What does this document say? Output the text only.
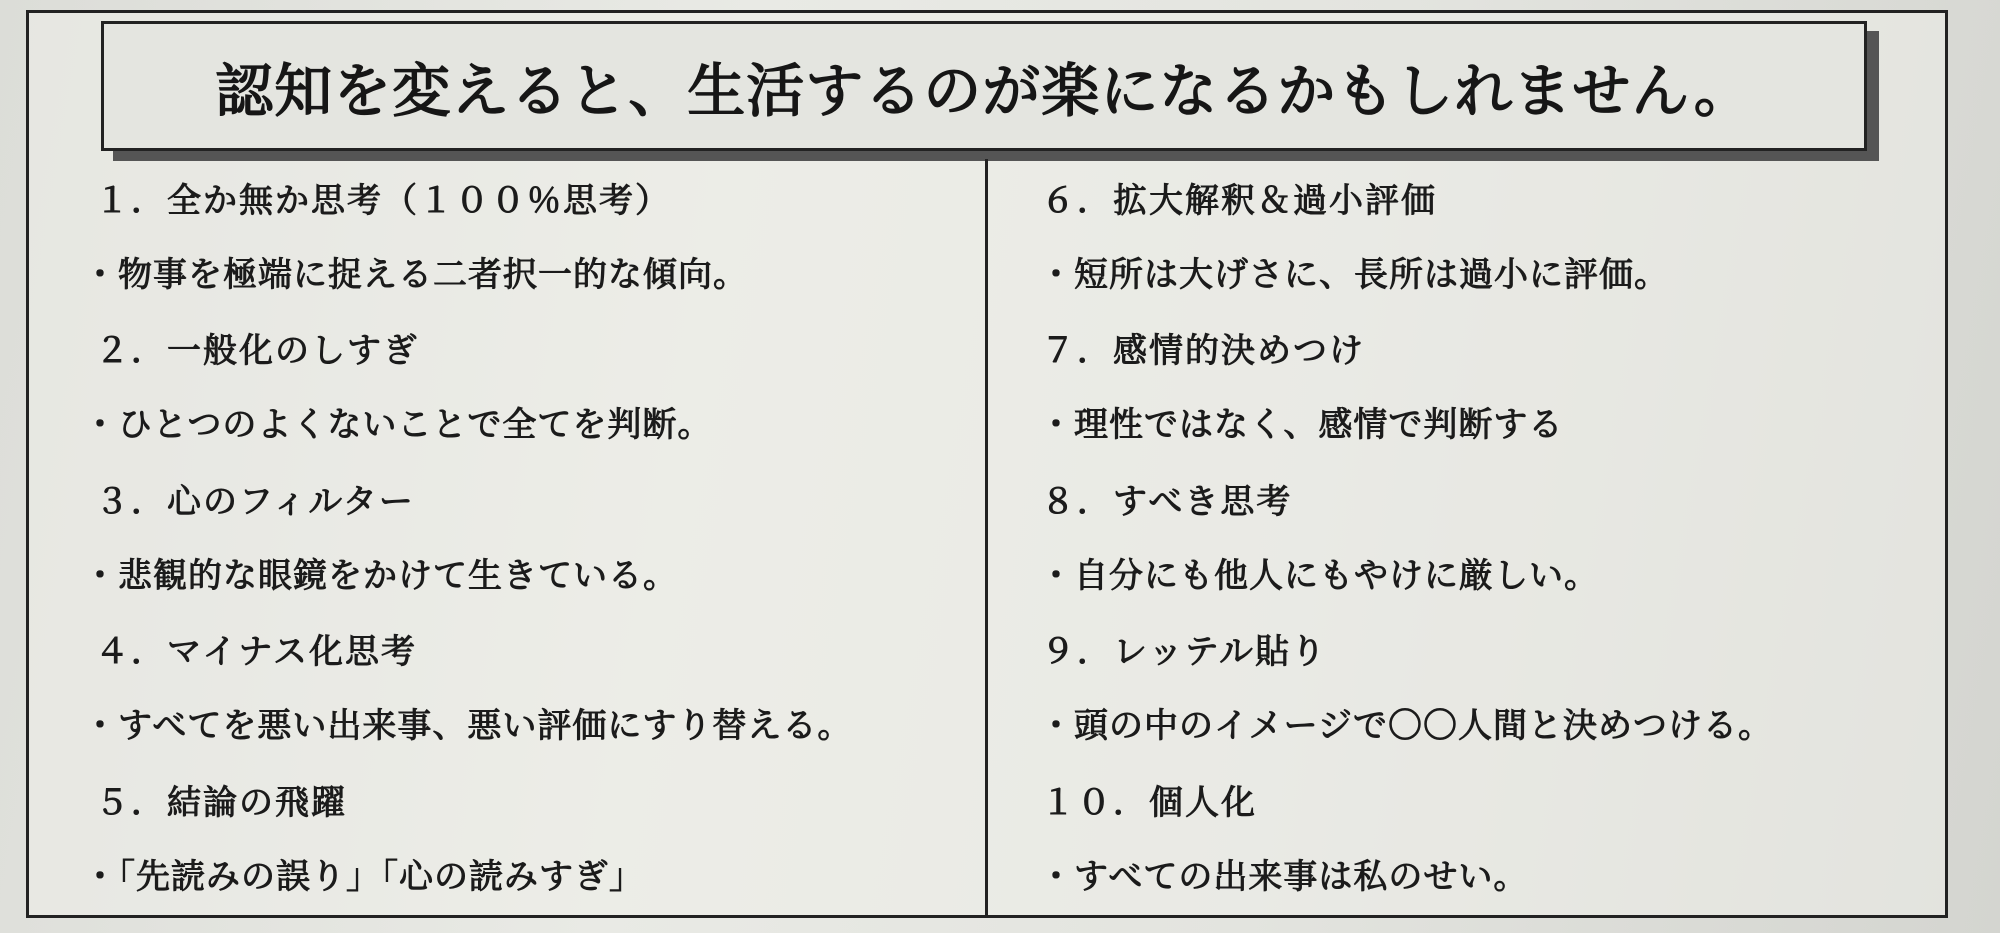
認知を変えると、生活するのが楽になるかもしれません。
１．全か無か思考（１００％思考）
・物事を極端に捉える二者択一的な傾向。
２．一般化のしすぎ
・ひとつのよくないことで全てを判断。
３．心のフィルター
・悲観的な眼鏡をかけて生きている。
４．マイナス化思考
・すべてを悪い出来事、悪い評価にすり替える。
５．結論の飛躍
・「先読みの誤り」「心の読みすぎ」
６．拡大解釈＆過小評価
・短所は大げさに、長所は過小に評価。
７．感情的決めつけ
・理性ではなく、感情で判断する
８．すべき思考
・自分にも他人にもやけに厳しい。
９．レッテル貼り
・頭の中のイメージで〇〇人間と決めつける。
１０．個人化
・すべての出来事は私のせい。
